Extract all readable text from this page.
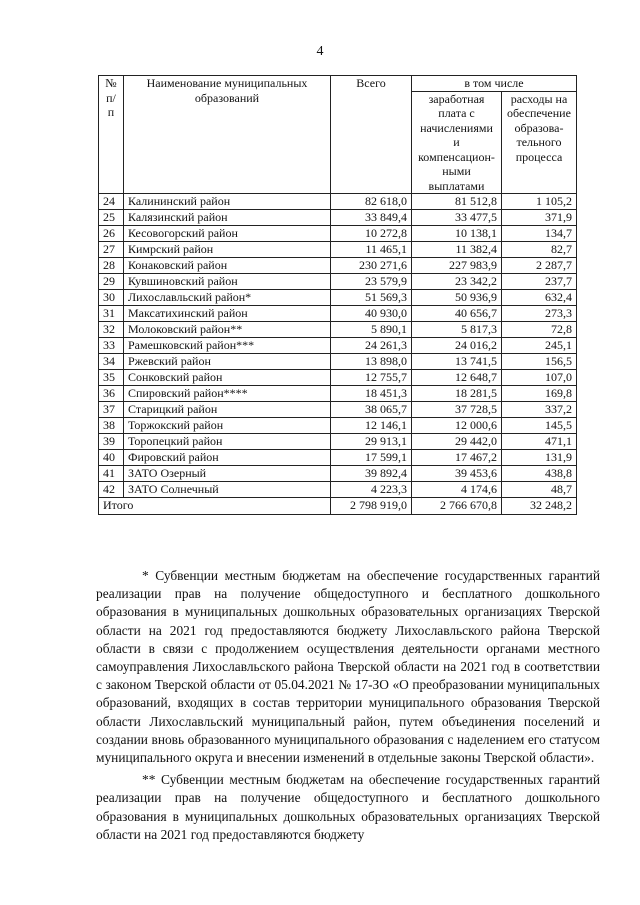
4
№ п/п	Наименование муниципальных образований	Всего	в том числе	
			заработная плата с начислениями и компенсацион-ными выплатами	расходы на обеспечение образова-тельного процесса
24	Калининский район	82 618,0	81 512,8	1 105,2
25	Калязинский район	33 849,4	33 477,5	371,9
26	Кесовогорский район	10 272,8	10 138,1	134,7
27	Кимрский район	11 465,1	11 382,4	82,7
28	Конаковский район	230 271,6	227 983,9	2 287,7
29	Кувшиновский район	23 579,9	23 342,2	237,7
30	Лихославльский район*	51 569,3	50 936,9	632,4
31	Максатихинский район	40 930,0	40 656,7	273,3
32	Молоковский район**	5 890,1	5 817,3	72,8
33	Рамешковский район***	24 261,3	24 016,2	245,1
34	Ржевский район	13 898,0	13 741,5	156,5
35	Сонковский район	12 755,7	12 648,7	107,0
36	Спировский район****	18 451,3	18 281,5	169,8
37	Старицкий район	38 065,7	37 728,5	337,2
38	Торжокский район	12 146,1	12 000,6	145,5
39	Торопецкий район	29 913,1	29 442,0	471,1
40	Фировский район	17 599,1	17 467,2	131,9
41	ЗАТО Озерный	39 892,4	39 453,6	438,8
42	ЗАТО Солнечный	4 223,3	4 174,6	48,7
Итого		2 798 919,0	2 766 670,8	32 248,2

* Субвенции местным бюджетам на обеспечение государственных гарантий реализации прав на получение общедоступного и бесплатного дошкольного образования в муниципальных дошкольных образовательных организациях Тверской области на 2021 год предоставляются бюджету Лихославльского района Тверской области в связи с продолжением осуществления деятельности органами местного самоуправления Лихославльского района Тверской области на 2021 год в соответствии с законом Тверской области от 05.04.2021 № 17-ЗО «О преобразовании муниципальных образований, входящих в состав территории муниципального образования Тверской области Лихославльский муниципальный район, путем объединения поселений и создании вновь образованного муниципального образования с наделением его статусом муниципального округа и внесении изменений в отдельные законы Тверской области».

** Субвенции местным бюджетам на обеспечение государственных гарантий реализации прав на получение общедоступного и бесплатного дошкольного образования в муниципальных дошкольных образовательных организациях Тверской области на 2021 год предоставляются бюджету
